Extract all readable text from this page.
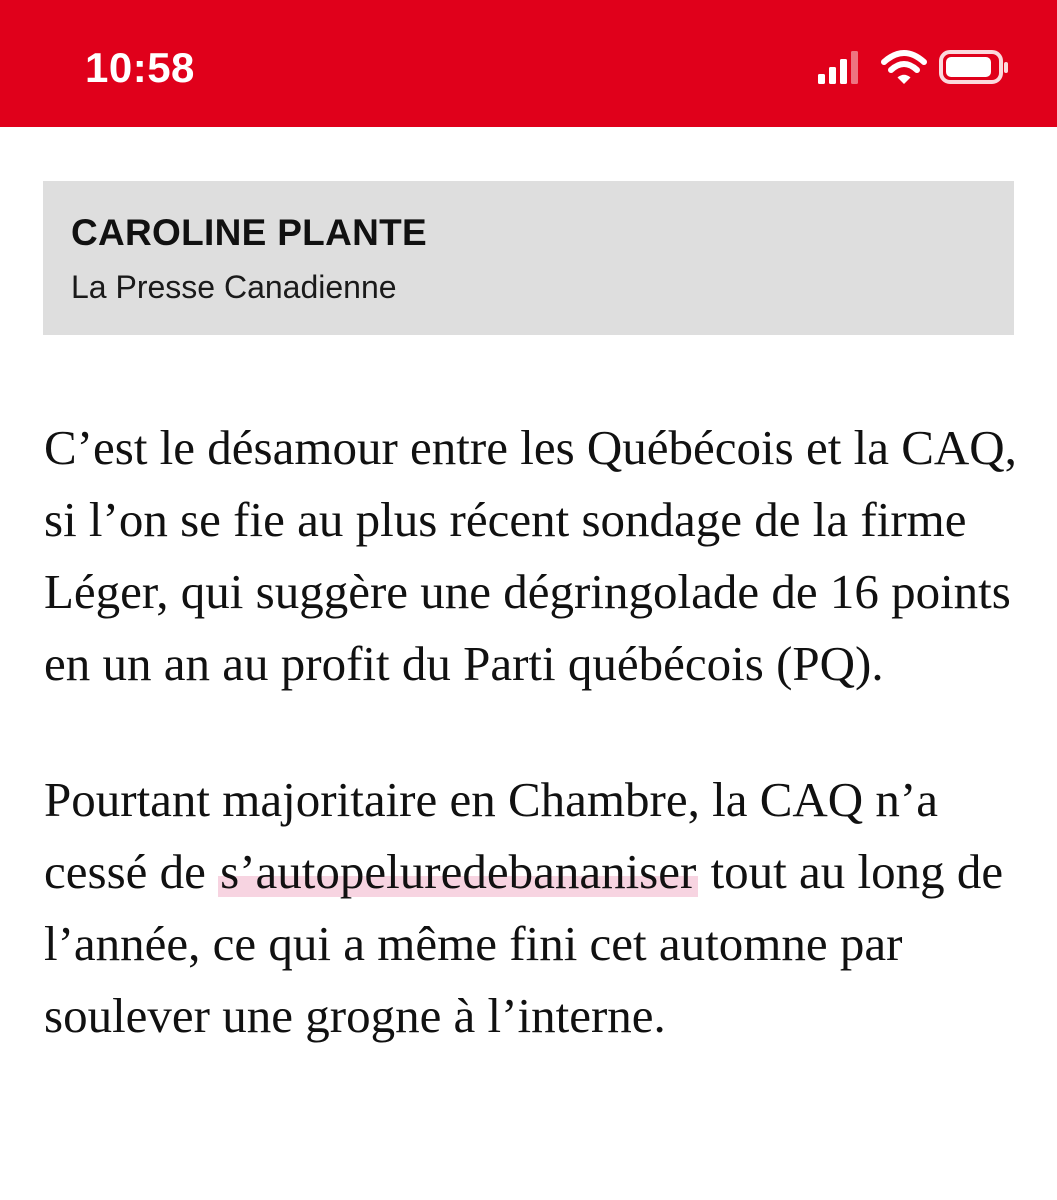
10:58
CAROLINE PLANTE
La Presse Canadienne

C’est le désamour entre les Québécois et la CAQ, si l’on se fie au plus récent sondage de la firme Léger, qui suggère une dégringolade de 16 points en un an au profit du Parti québécois (PQ).

Pourtant majoritaire en Chambre, la CAQ n’a cessé de s’autopeluredebananiser tout au long de l’année, ce qui a même fini cet automne par soulever une grogne à l’interne.
